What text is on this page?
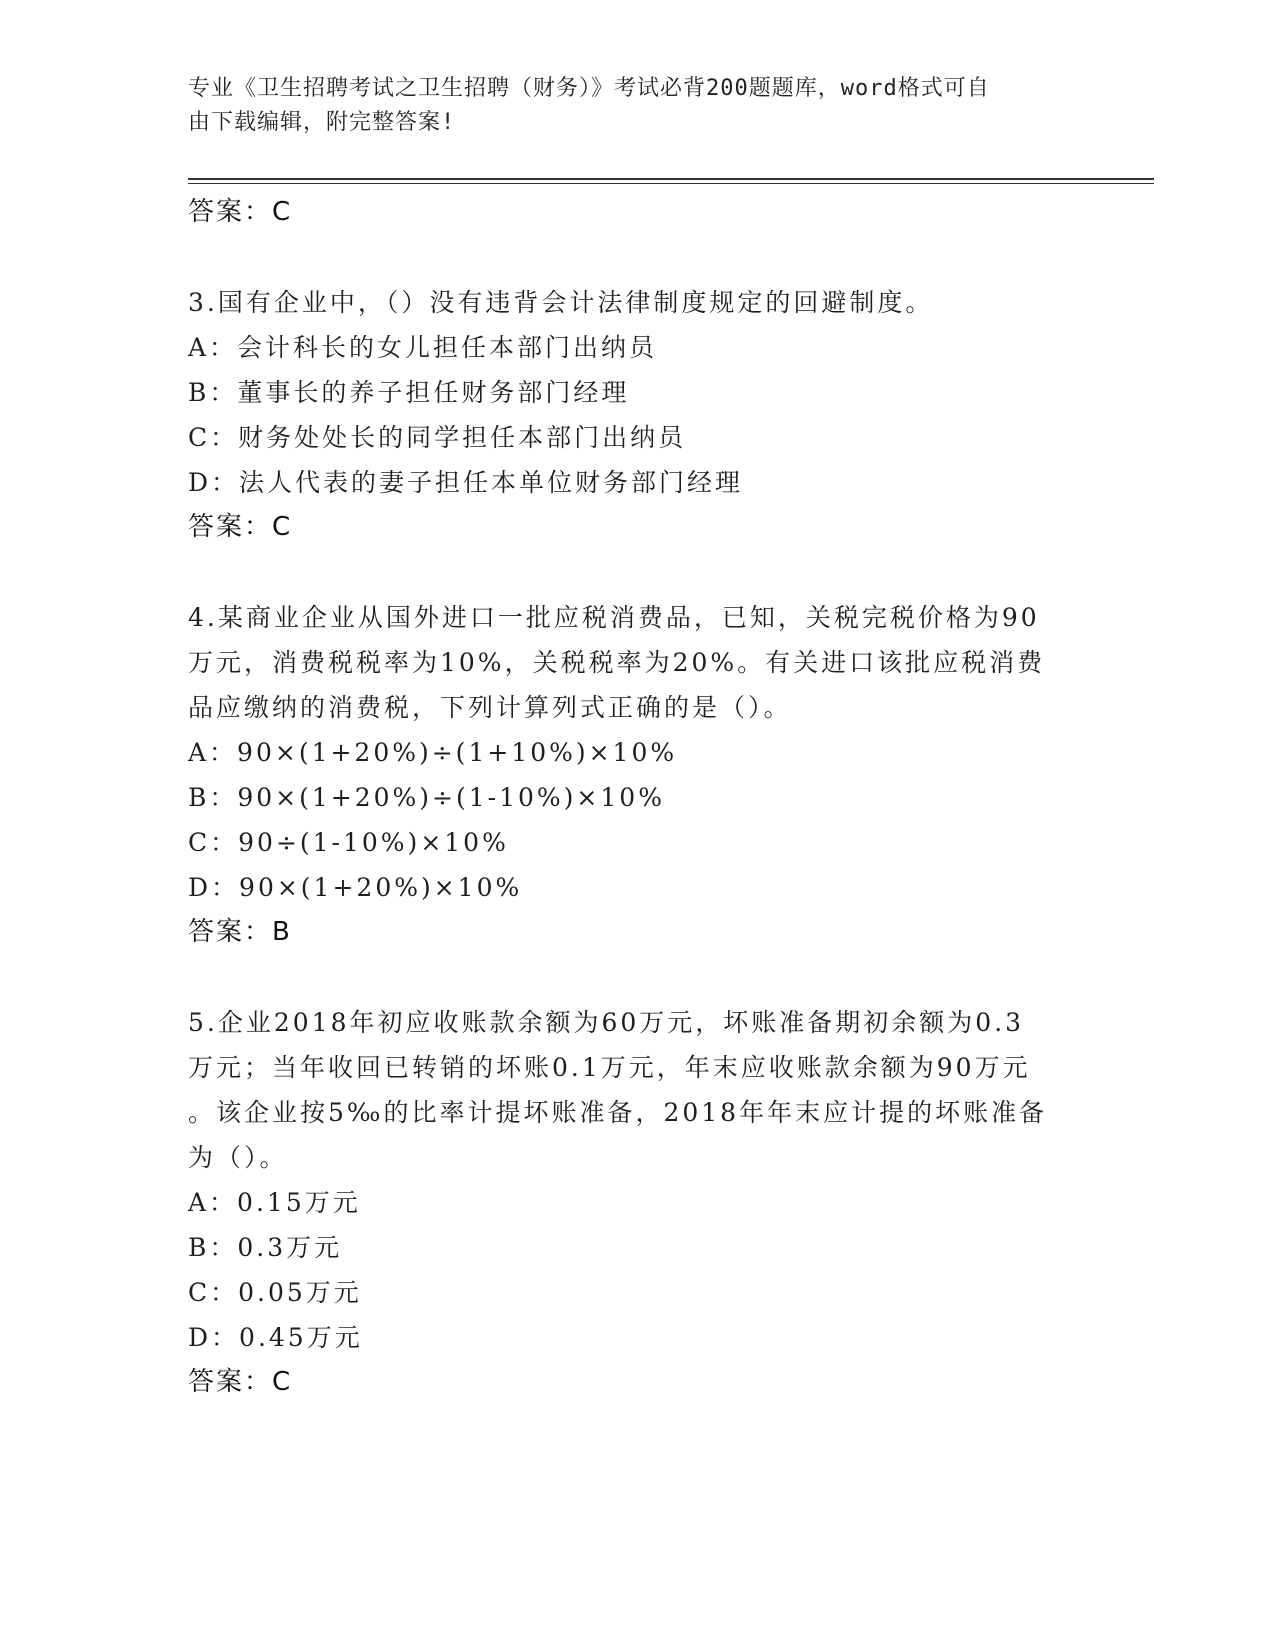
专业《卫生招聘考试之卫生招聘（财务）》考试必背200题题库，word格式可自
由下载编辑，附完整答案!
答案：C
3.国有企业中，（）没有违背会计法律制度规定的回避制度。
A：会计科长的女儿担任本部门出纳员
B：董事长的养子担任财务部门经理
C：财务处处长的同学担任本部门出纳员
D：法人代表的妻子担任本单位财务部门经理
答案：C
4.某商业企业从国外进口一批应税消费品，已知，关税完税价格为90
万元，消费税税率为10%，关税税率为20%。有关进口该批应税消费
品应缴纳的消费税，下列计算列式正确的是（）。
A：90×(1+20%)÷(1+10%)×10%
B：90×(1+20%)÷(1-10%)×10%
C：90÷(1-10%)×10%
D：90×(1+20%)×10%
答案：B
5.企业2018年初应收账款余额为60万元，坏账准备期初余额为0.3
万元；当年收回已转销的坏账0.1万元，年末应收账款余额为90万元
。该企业按5‰的比率计提坏账准备，2018年年末应计提的坏账准备
为（）。
A：0.15万元
B：0.3万元
C：0.05万元
D：0.45万元
答案：C
